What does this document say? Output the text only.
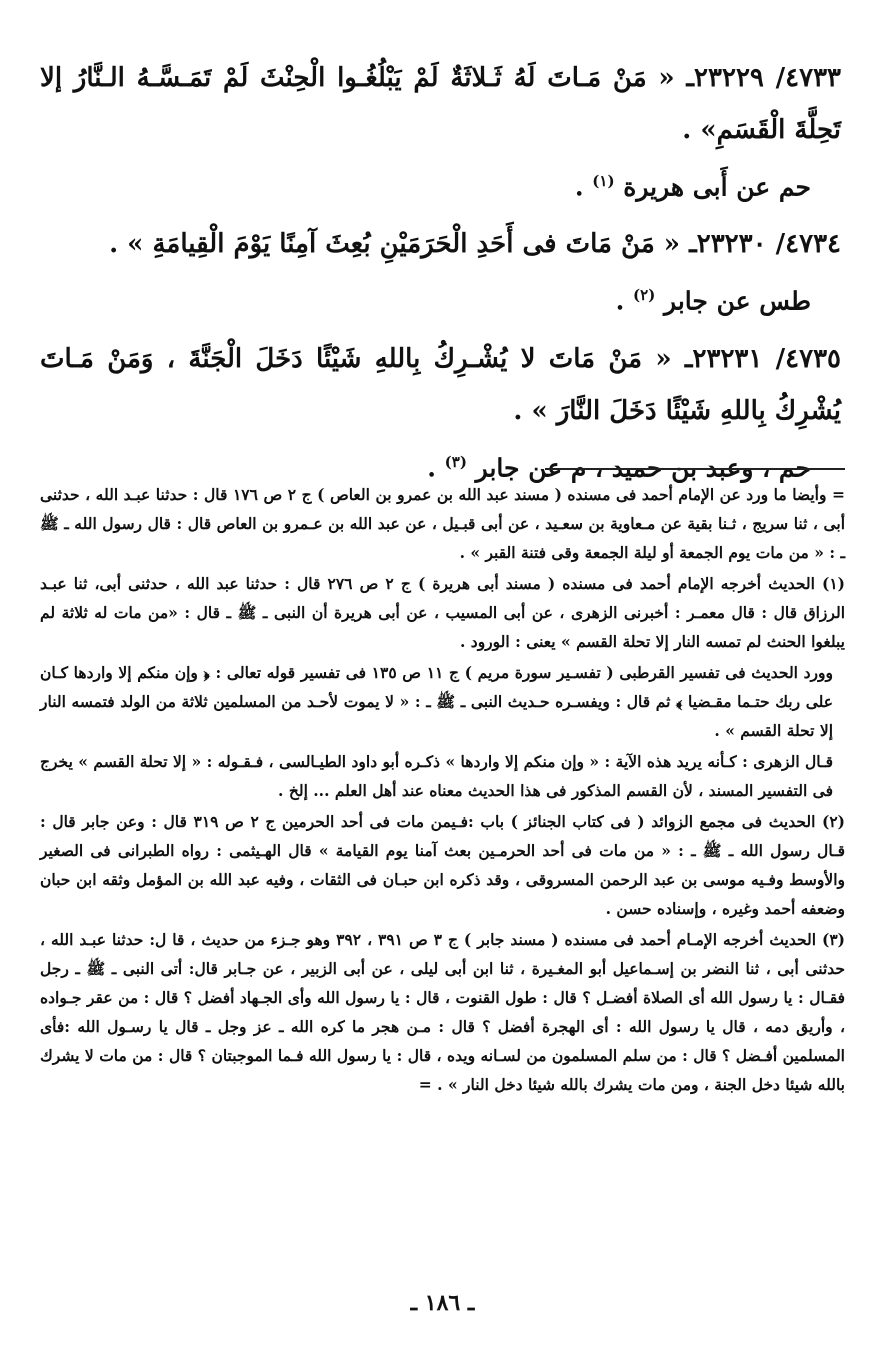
٤٧٣٣/ ٢٣٢٢٩ـ « مَنْ مَـاتَ لَهُ ثَـلاثَةٌ لَمْ يَبْلُغُـوا الْحِنْثَ لَمْ تَمَـسَّـهُ الـنَّارُ إلا تَحِلَّةَ الْقَسَمِ» .

حم عن أَبى هريرة $^{(١)}$ .

٤٧٣٤/ ٢٣٢٣٠ـ « مَنْ مَاتَ فى أَحَدِ الْحَرَمَيْنِ بُعِثَ آمِنًا يَوْمَ الْقِيامَةِ » .

طس عن جابر $^{(٢)}$ .

٤٧٣٥/ ٢٣٢٣١ـ « مَنْ مَاتَ لا يُشْـرِكُ بِاللهِ شَيْئًا دَخَلَ الْجَنَّةَ ، وَمَنْ مَـاتَ يُشْرِكُ بِاللهِ شَيْئًا دَخَلَ النَّارَ » .

حم ، وعبد بن حميد ، م عن جابر $^{(٣)}$ .

= وأيضا ما ورد عن الإمام أحمد فى مسنده ( مسند عبد الله بن عمرو بن العاص ) ج ٢ ص ١٧٦ قال : حدثنا عبـد الله ، حدثنى أبى ، ثنا سريج ، ثـنا بقية عن مـعاوية بن سعـيد ، عن أبى قبـيل ، عن عبد الله بن عـمرو بن العاص قال : قال رسول الله ـ ﷺ ـ : « من مات يوم الجمعة أو ليلة الجمعة وقى فتنة القبر » .

(١) الحديث أخرجه الإمام أحمد فى مسنده ( مسند أبى هريرة ) ج ٢ ص ٢٧٦ قال : حدثنا عبد الله ، حدثنى أبى، ثنا عبـد الرزاق قال : قال معمـر : أخبرنى الزهرى ، عن أبى المسيب ، عن أبى هريرة أن النبى ـ ﷺ ـ قال : «من مات له ثلاثة لم يبلغوا الحنث لم تمسه النار إلا تحلة القسم » يعنى : الورود .

وورد الحديث فى تفسير القرطبى ( تفسـير سورة مريم ) ج ١١ ص ١٣٥ فى تفسير قوله تعالى : ﴿ وإن منكم إلا واردها كـان على ربك حتـما مقـضيا ﴾ ثم قال : ويفسـره حـديث النبى ـ ﷺ ـ : « لا يموت لأحـد من المسلمين ثلاثة من الولد فتمسه النار إلا تحلة القسم » .

قـال الزهرى : كـأنه يريد هذه الآية : « وإن منكم إلا واردها » ذكـره أبو داود الطيـالسى ، فـقـوله : « إلا تحلة القسم » يخرج فى التفسير المسند ، لأن القسم المذكور فى هذا الحديث معناه عند أهل العلم ... إلخ .

(٢) الحديث فى مجمع الزوائد ( فى كتاب الجنائز ) باب :فـيمن مات فى أحد الحرمين ج ٢ ص ٣١٩ قال : وعن جابر قال : قـال رسول الله ـ ﷺ ـ : « من مات فى أحد الحرمـين بعث آمنا يوم القيامة » قال الهـيثمى : رواه الطبرانى فى الصغير والأوسط وفـيه موسى بن عبد الرحمن المسروقى ، وقد ذكره ابن حبـان فى الثقات ، وفيه عبد الله بن المؤمل وثقه ابن حبان وضعفه أحمد وغيره ، وإسناده حسن .

(٣) الحديث أخرجه الإمـام أحمد فى مسنده ( مسند جابر ) ج ٣ ص ٣٩١ ، ٣٩٢ وهو جـزء من حديث ، قا ل: حدثنا عبـد الله ، حدثنى أبى ، ثنا النضر بن إسـماعيل أبو المغـيرة ، ثنا ابن أبى ليلى ، عن أبى الزبير ، عن جـابر قال: أتى النبى ـ ﷺ ـ رجل فقـال : يا رسول الله أى الصلاة أفضـل ؟ قال : طول القنوت ، قال : يا رسول الله وأى الجـهاد أفضل ؟ قال : من عقر جـواده ، وأريق دمه ، قال يا رسول الله : أى الهجرة أفضل ؟ قال : مـن هجر ما كره الله ـ عز وجل ـ قال يا رسـول الله :فأى المسلمين أفـضل ؟ قال : من سلم المسلمون من لسـانه ويده ، قال : يا رسول الله فـما الموجبتان ؟ قال : من مات لا يشرك بالله شيئا دخل الجنة ، ومن مات يشرك بالله شيئا دخل النار » . =

ـ ١٨٦ ـ
